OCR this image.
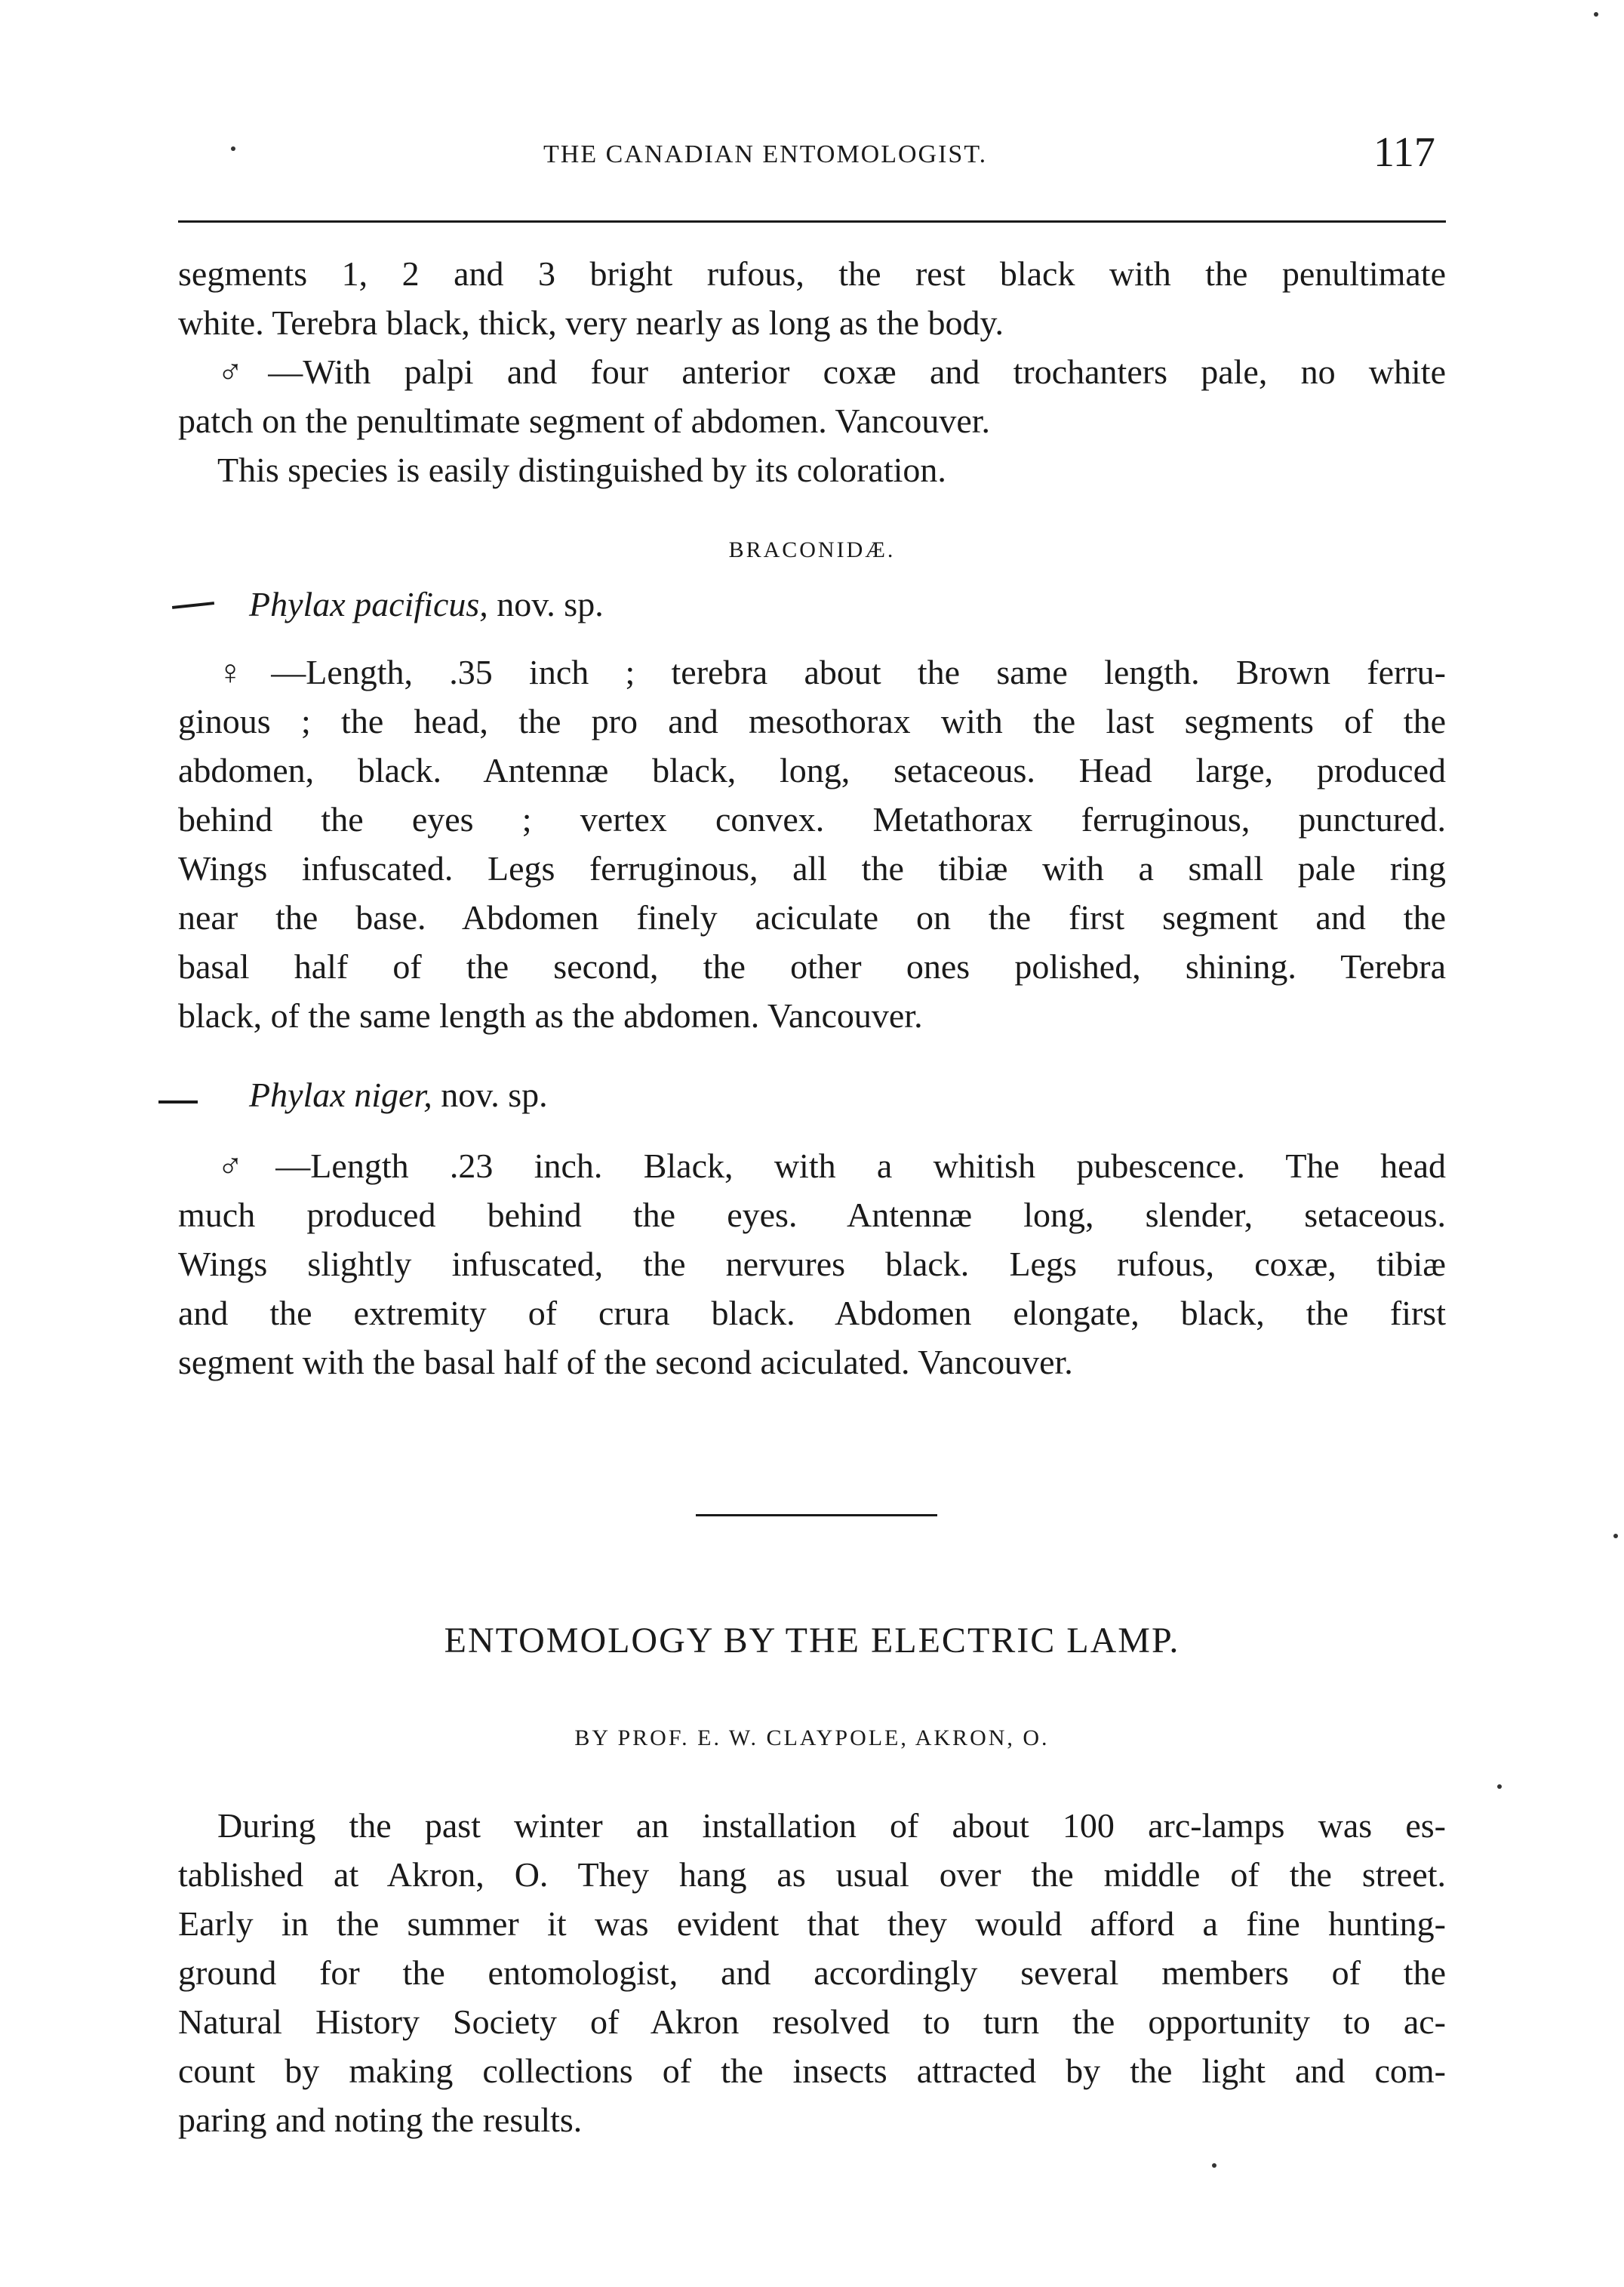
THE CANADIAN ENTOMOLOGIST.	117
segments 1, 2 and 3 bright rufous, the rest black with the penultimate
white. Terebra black, thick, very nearly as long as the body.
♂—With palpi and four anterior coxæ and trochanters pale, no white
patch on the penultimate segment of abdomen. Vancouver.
This species is easily distinguished by its coloration.
BRACONIDÆ.
Phylax pacificus, nov. sp.
♀—Length, .35 inch ; terebra about the same length. Brown ferru-
ginous ; the head, the pro and mesothorax with the last segments of the
abdomen, black. Antennæ black, long, setaceous. Head large, produced
behind the eyes ; vertex convex. Metathorax ferruginous, punctured.
Wings infuscated. Legs ferruginous, all the tibiæ with a small pale ring
near the base. Abdomen finely aciculate on the first segment and the
basal half of the second, the other ones polished, shining. Terebra
black, of the same length as the abdomen. Vancouver.
Phylax niger, nov. sp.
♂—Length .23 inch. Black, with a whitish pubescence. The head
much produced behind the eyes. Antennæ long, slender, setaceous.
Wings slightly infuscated, the nervures black. Legs rufous, coxæ, tibiæ
and the extremity of crura black. Abdomen elongate, black, the first
segment with the basal half of the second aciculated. Vancouver.
ENTOMOLOGY BY THE ELECTRIC LAMP.
BY PROF. E. W. CLAYPOLE, AKRON, O.
During the past winter an installation of about 100 arc-lamps was es-
tablished at Akron, O. They hang as usual over the middle of the street.
Early in the summer it was evident that they would afford a fine hunting-
ground for the entomologist, and accordingly several members of the
Natural History Society of Akron resolved to turn the opportunity to ac-
count by making collections of the insects attracted by the light and com-
paring and noting the results.
